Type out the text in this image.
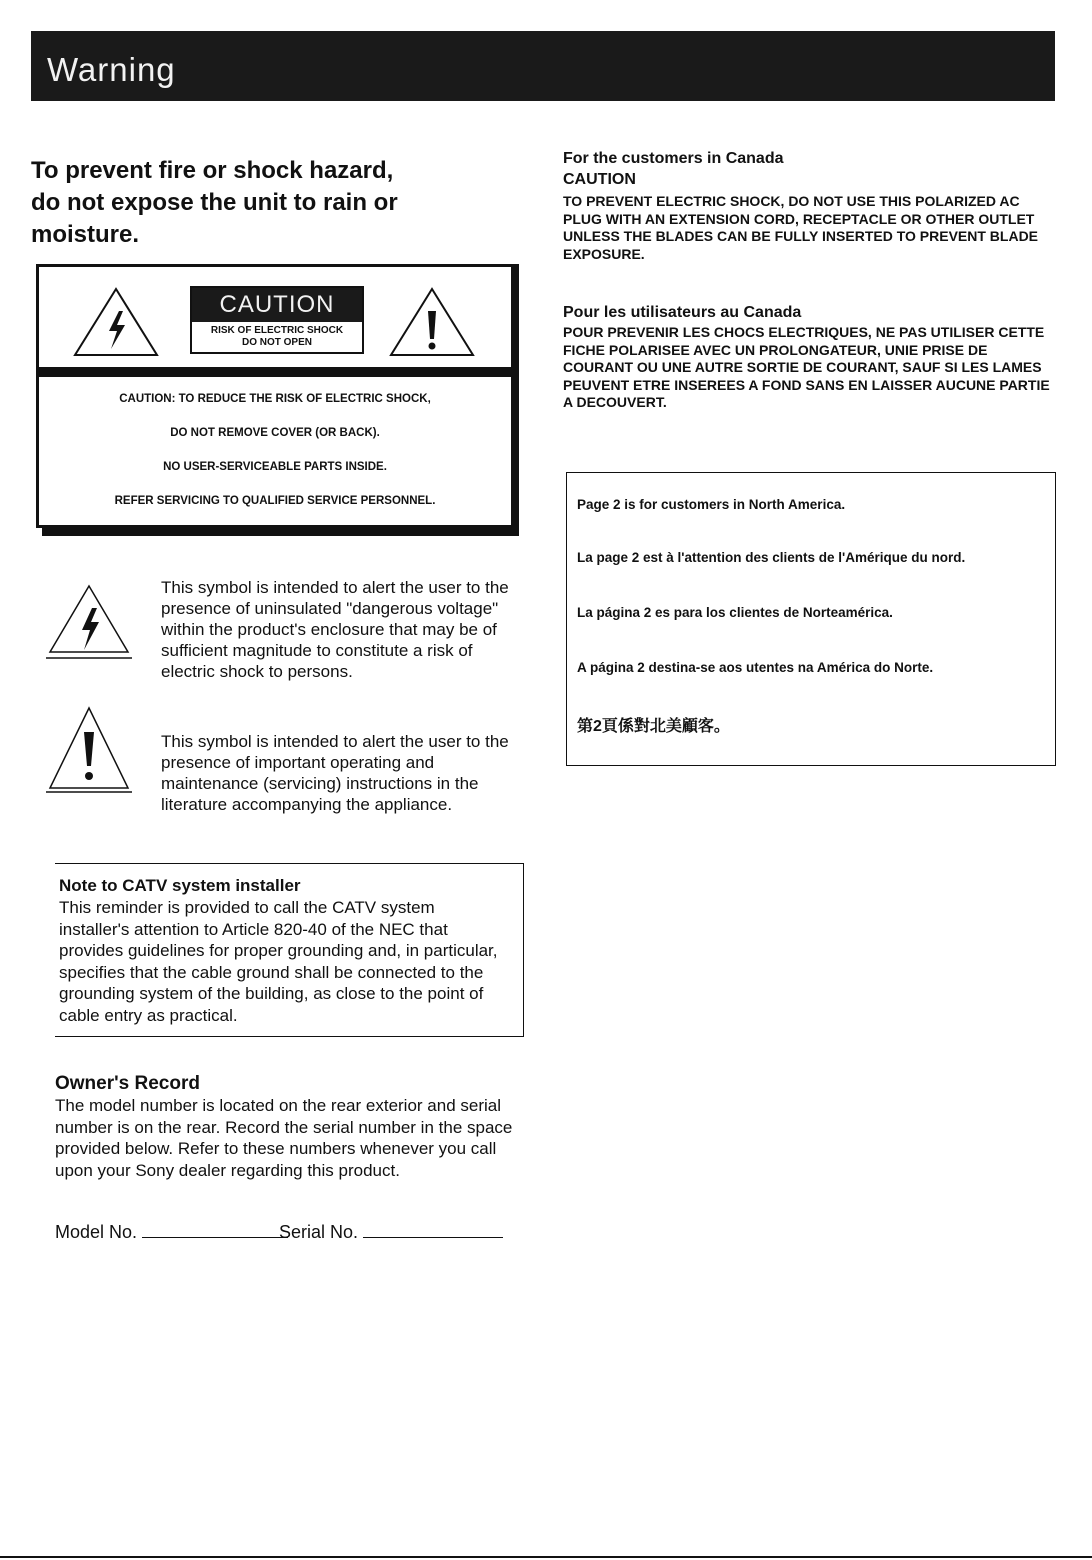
Warning
To prevent fire or shock hazard,
do not expose the unit to rain or
moisture.
CAUTION
RISK OF ELECTRIC SHOCK
DO NOT OPEN
CAUTION: TO REDUCE THE RISK OF ELECTRIC SHOCK,
DO NOT REMOVE COVER (OR BACK).
NO USER-SERVICEABLE PARTS INSIDE.
REFER SERVICING TO QUALIFIED SERVICE PERSONNEL.
This symbol is intended to alert the user to the presence of uninsulated "dangerous voltage" within the product's enclosure that may be of sufficient magnitude to constitute a risk of electric shock to persons.
This symbol is intended to alert the user to the presence of important operating and maintenance (servicing) instructions in the literature accompanying the appliance.
Note to CATV system installer
This reminder is provided to call the CATV system installer's attention to Article 820-40 of the NEC that provides guidelines for proper grounding and, in particular, specifies that the cable ground shall be connected to the grounding system of the building, as close to the point of cable entry as practical.
Owner's Record
The model number is located on the rear exterior and serial number is on the rear. Record the serial number in the space provided below. Refer to these numbers whenever you call upon your Sony dealer regarding this product.
Model No.	Serial No.
For the customers in Canada
CAUTION
TO PREVENT ELECTRIC SHOCK, DO NOT USE THIS POLARIZED AC PLUG WITH AN EXTENSION CORD, RECEPTACLE OR OTHER OUTLET UNLESS THE BLADES CAN BE FULLY INSERTED TO PREVENT BLADE EXPOSURE.
Pour les utilisateurs au Canada
POUR PREVENIR LES CHOCS ELECTRIQUES, NE PAS UTILISER CETTE FICHE POLARISEE AVEC UN PROLONGATEUR, UNIE PRISE DE COURANT OU UNE AUTRE SORTIE DE COURANT, SAUF SI LES LAMES PEUVENT ETRE INSEREES A FOND SANS EN LAISSER AUCUNE PARTIE A DECOUVERT.
Page 2 is for customers in North America.
La page 2 est à l'attention des clients de l'Amérique du nord.
La página 2 es para los clientes de Norteamérica.
A página 2 destina-se aos utentes na América do Norte.
第2頁係對北美顧客。
